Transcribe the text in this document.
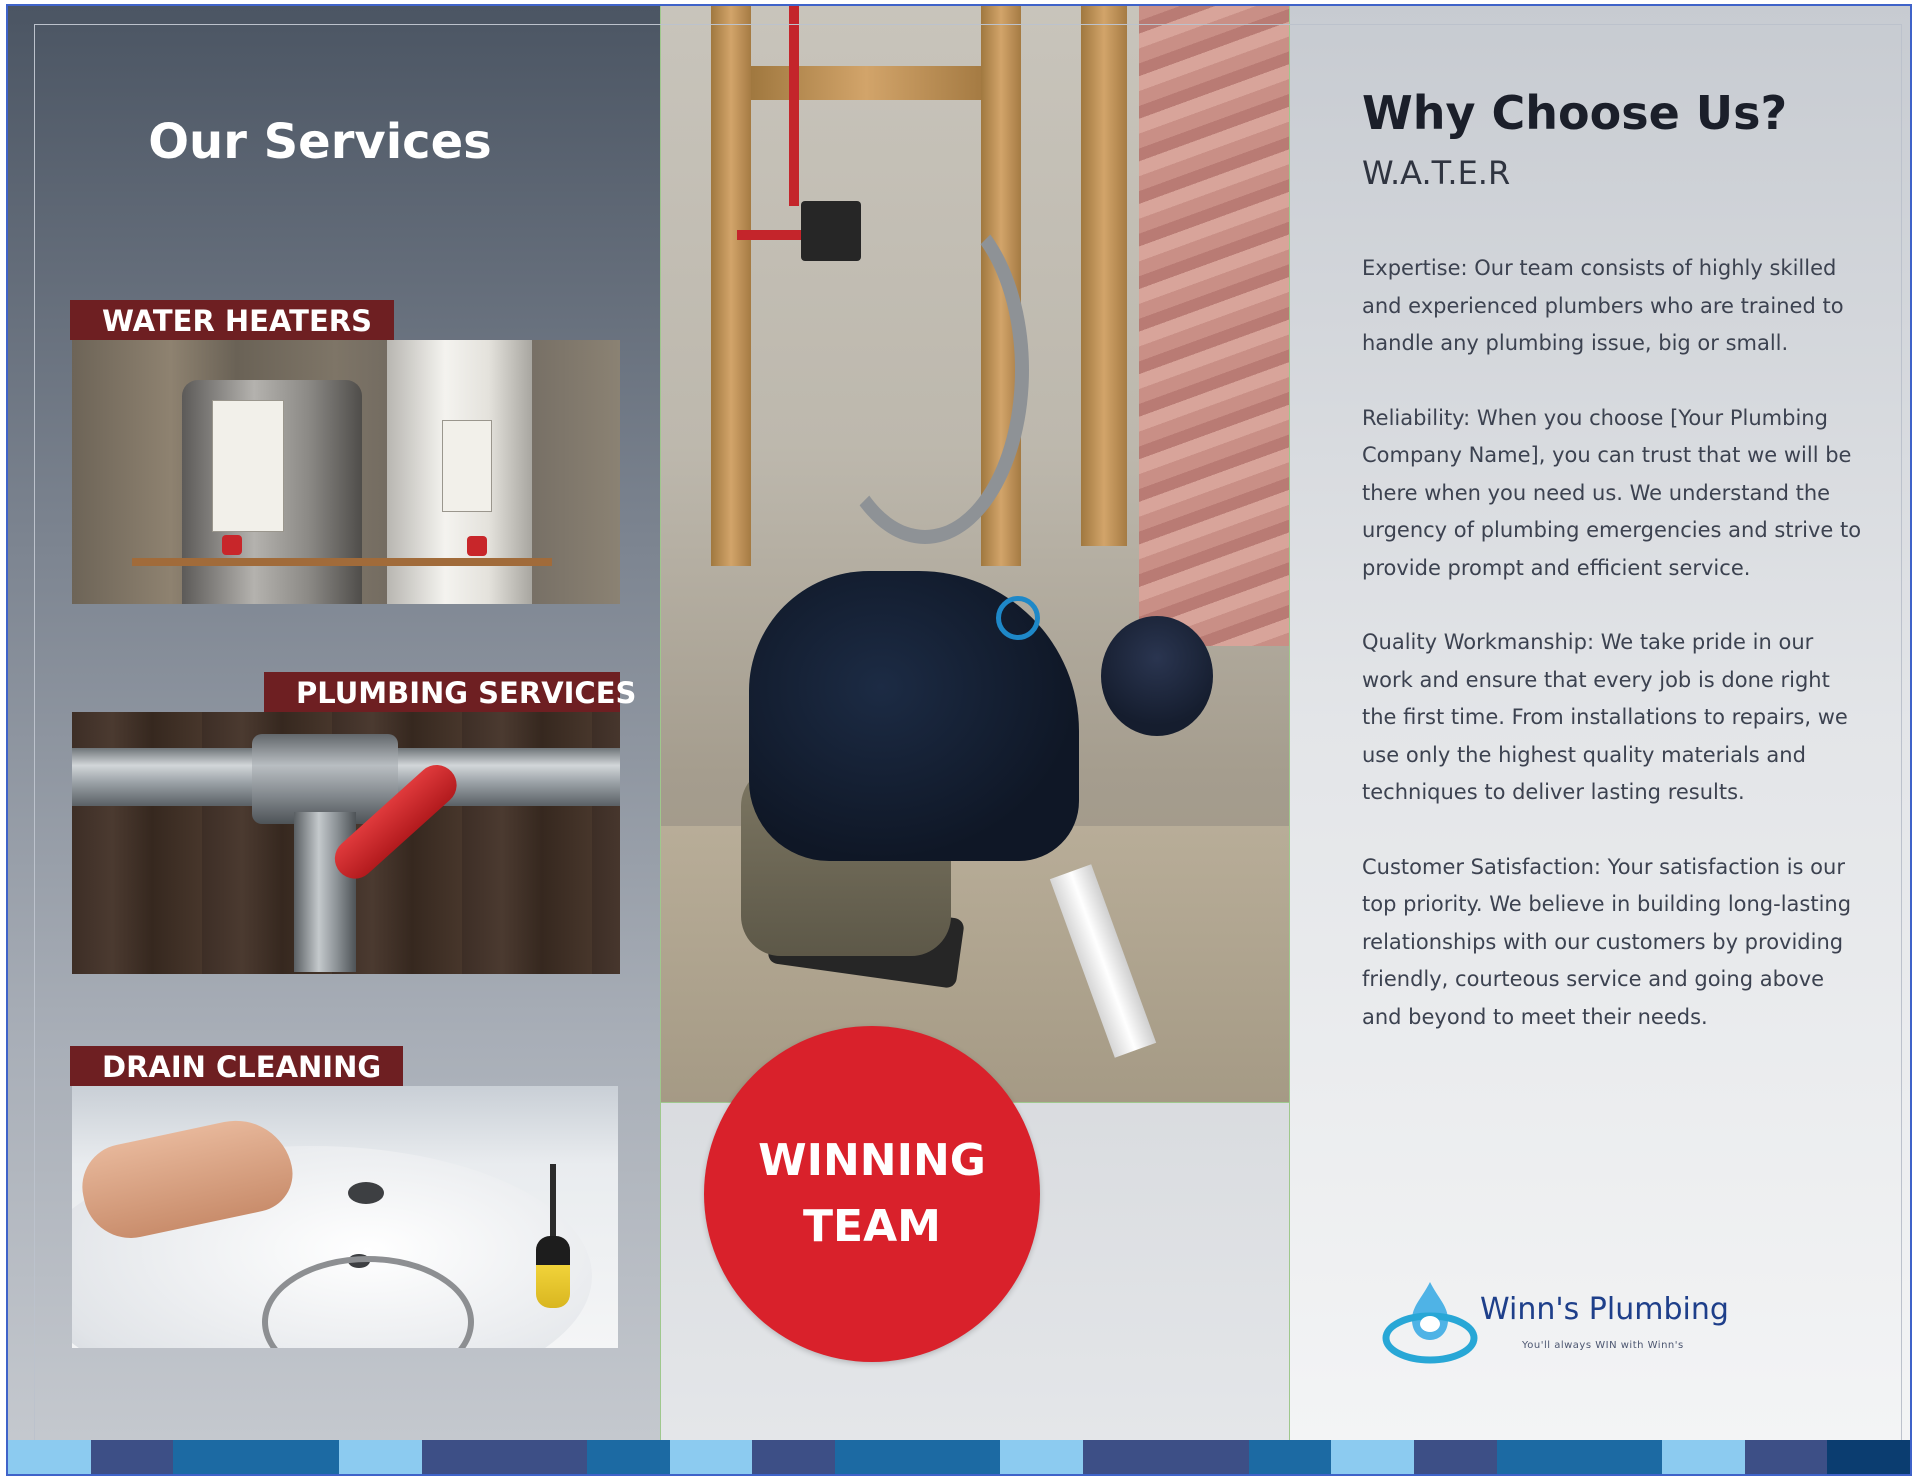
Our Services
WATER HEATERS
PLUMBING SERVICES
DRAIN CLEANING
WINNING
TEAM
Why Choose Us?
W.A.T.E.R

Expertise: Our team consists of highly skilled and experienced plumbers who are trained to handle any plumbing issue, big or small.

Reliability: When you choose [Your Plumbing Company Name], you can trust that we will be there when you need us. We understand the urgency of plumbing emergencies and strive to provide prompt and efficient service.

Quality Workmanship: We take pride in our work and ensure that every job is done right the first time. From installations to repairs, we use only the highest quality materials and techniques to deliver lasting results.

Customer Satisfaction: Your satisfaction is our top priority. We believe in building long-lasting relationships with our customers by providing friendly, courteous service and going above and beyond to meet their needs.

Winn's Plumbing
You'll always WIN with Winn's
